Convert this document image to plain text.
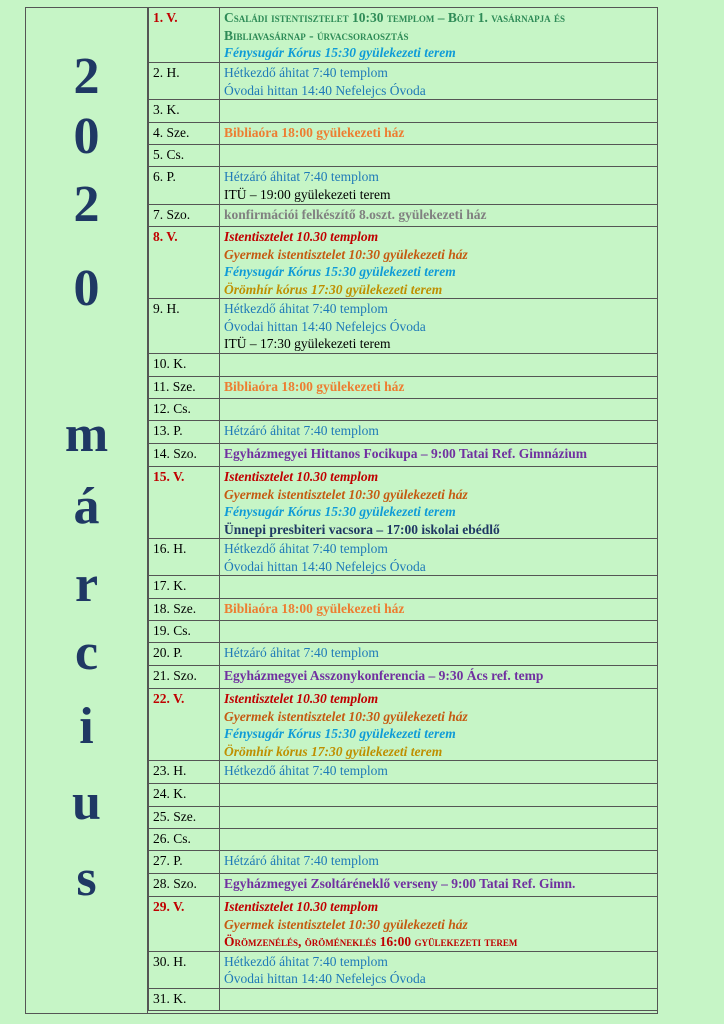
2
0
2
0
m
á
r
c
i
u
s
1. V.	Családi istentisztelet 10:30 templom – Böjt 1. vasárnapja és
Bibliavasárnap - úrvacsoraosztás
Fénysugár Kórus 15:30 gyülekezeti terem

2. H.	Hétkezdő áhitat 7:40 templom
Óvodai hittan 14:40 Nefelejcs Óvoda

3. K.	
4. Sze.	Bibliaóra 18:00 gyülekezeti ház

5. Cs.	
6. P.	Hétzáró áhitat 7:40 templom
ITÜ – 19:00 gyülekezeti terem

7. Szo.	konfirmációi felkészítő 8.oszt. gyülekezeti ház

8. V.	Istentisztelet 10.30 templom
Gyermek istentisztelet 10:30 gyülekezeti ház
Fénysugár Kórus 15:30 gyülekezeti terem
Örömhír kórus 17:30 gyülekezeti terem

9. H.	Hétkezdő áhitat 7:40 templom
Óvodai hittan 14:40 Nefelejcs Óvoda
ITÜ – 17:30 gyülekezeti terem

10. K.	
11. Sze.	Bibliaóra 18:00 gyülekezeti ház

12. Cs.	
13. P.	Hétzáró áhitat 7:40 templom

14. Szo.	Egyházmegyei Hittanos Focikupa – 9:00 Tatai Ref. Gimnázium

15. V.	Istentisztelet 10.30 templom
Gyermek istentisztelet 10:30 gyülekezeti ház
Fénysugár Kórus 15:30 gyülekezeti terem
Ünnepi presbiteri vacsora – 17:00 iskolai ebédlő

16. H.	Hétkezdő áhitat 7:40 templom
Óvodai hittan 14:40 Nefelejcs Óvoda

17. K.	
18. Sze.	Bibliaóra 18:00 gyülekezeti ház

19. Cs.	
20. P.	Hétzáró áhitat 7:40 templom

21. Szo.	Egyházmegyei Asszonykonferencia – 9:30 Ács ref. temp

22. V.	Istentisztelet 10.30 templom
Gyermek istentisztelet 10:30 gyülekezeti ház
Fénysugár Kórus 15:30 gyülekezeti terem
Örömhír kórus 17:30 gyülekezeti terem

23. H.	Hétkezdő áhitat 7:40 templom

24. K.	
25. Sze.	
26. Cs.	
27. P.	Hétzáró áhitat 7:40 templom

28. Szo.	Egyházmegyei Zsoltáréneklő verseny – 9:00 Tatai Ref. Gimn.

29. V.	Istentisztelet 10.30 templom
Gyermek istentisztelet 10:30 gyülekezeti ház
Örömzenélés, öröméneklés 16:00 gyülekezeti terem

30. H.	Hétkezdő áhitat 7:40 templom
Óvodai hittan 14:40 Nefelejcs Óvoda

31. K.	
